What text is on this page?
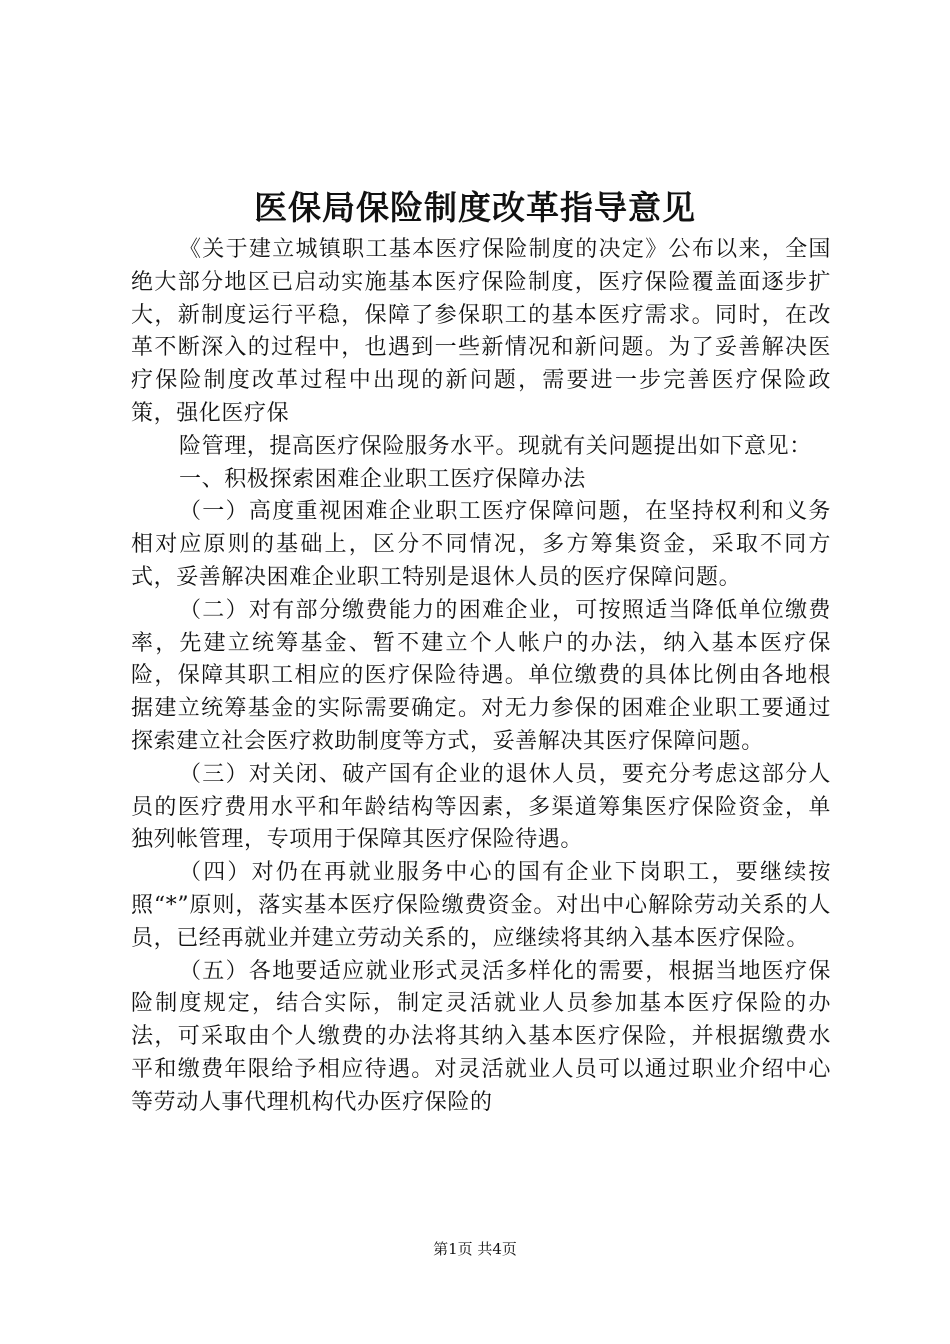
医保局保险制度改革指导意见

《关于建立城镇职工基本医疗保险制度的决定》公布以来，全国绝大部分地区已启动实施基本医疗保险制度，医疗保险覆盖面逐步扩大，新制度运行平稳，保障了参保职工的基本医疗需求。同时，在改革不断深入的过程中，也遇到一些新情况和新问题。为了妥善解决医疗保险制度改革过程中出现的新问题，需要进一步完善医疗保险政策，强化医疗保

险管理，提高医疗保险服务水平。现就有关问题提出如下意见：

一、积极探索困难企业职工医疗保障办法

（一）高度重视困难企业职工医疗保障问题，在坚持权利和义务相对应原则的基础上，区分不同情况，多方筹集资金，采取不同方式，妥善解决困难企业职工特别是退休人员的医疗保障问题。

（二）对有部分缴费能力的困难企业，可按照适当降低单位缴费率，先建立统筹基金、暂不建立个人帐户的办法，纳入基本医疗保险，保障其职工相应的医疗保险待遇。单位缴费的具体比例由各地根据建立统筹基金的实际需要确定。对无力参保的困难企业职工要通过探索建立社会医疗救助制度等方式，妥善解决其医疗保障问题。

（三）对关闭、破产国有企业的退休人员，要充分考虑这部分人员的医疗费用水平和年龄结构等因素，多渠道筹集医疗保险资金，单独列帐管理，专项用于保障其医疗保险待遇。

（四）对仍在再就业服务中心的国有企业下岗职工，要继续按照“*”原则，落实基本医疗保险缴费资金。对出中心解除劳动关系的人员，已经再就业并建立劳动关系的，应继续将其纳入基本医疗保险。

（五）各地要适应就业形式灵活多样化的需要，根据当地医疗保险制度规定，结合实际，制定灵活就业人员参加基本医疗保险的办法，可采取由个人缴费的办法将其纳入基本医疗保险，并根据缴费水平和缴费年限给予相应待遇。对灵活就业人员可以通过职业介绍中心等劳动人事代理机构代办医疗保险的

第1页 共4页
